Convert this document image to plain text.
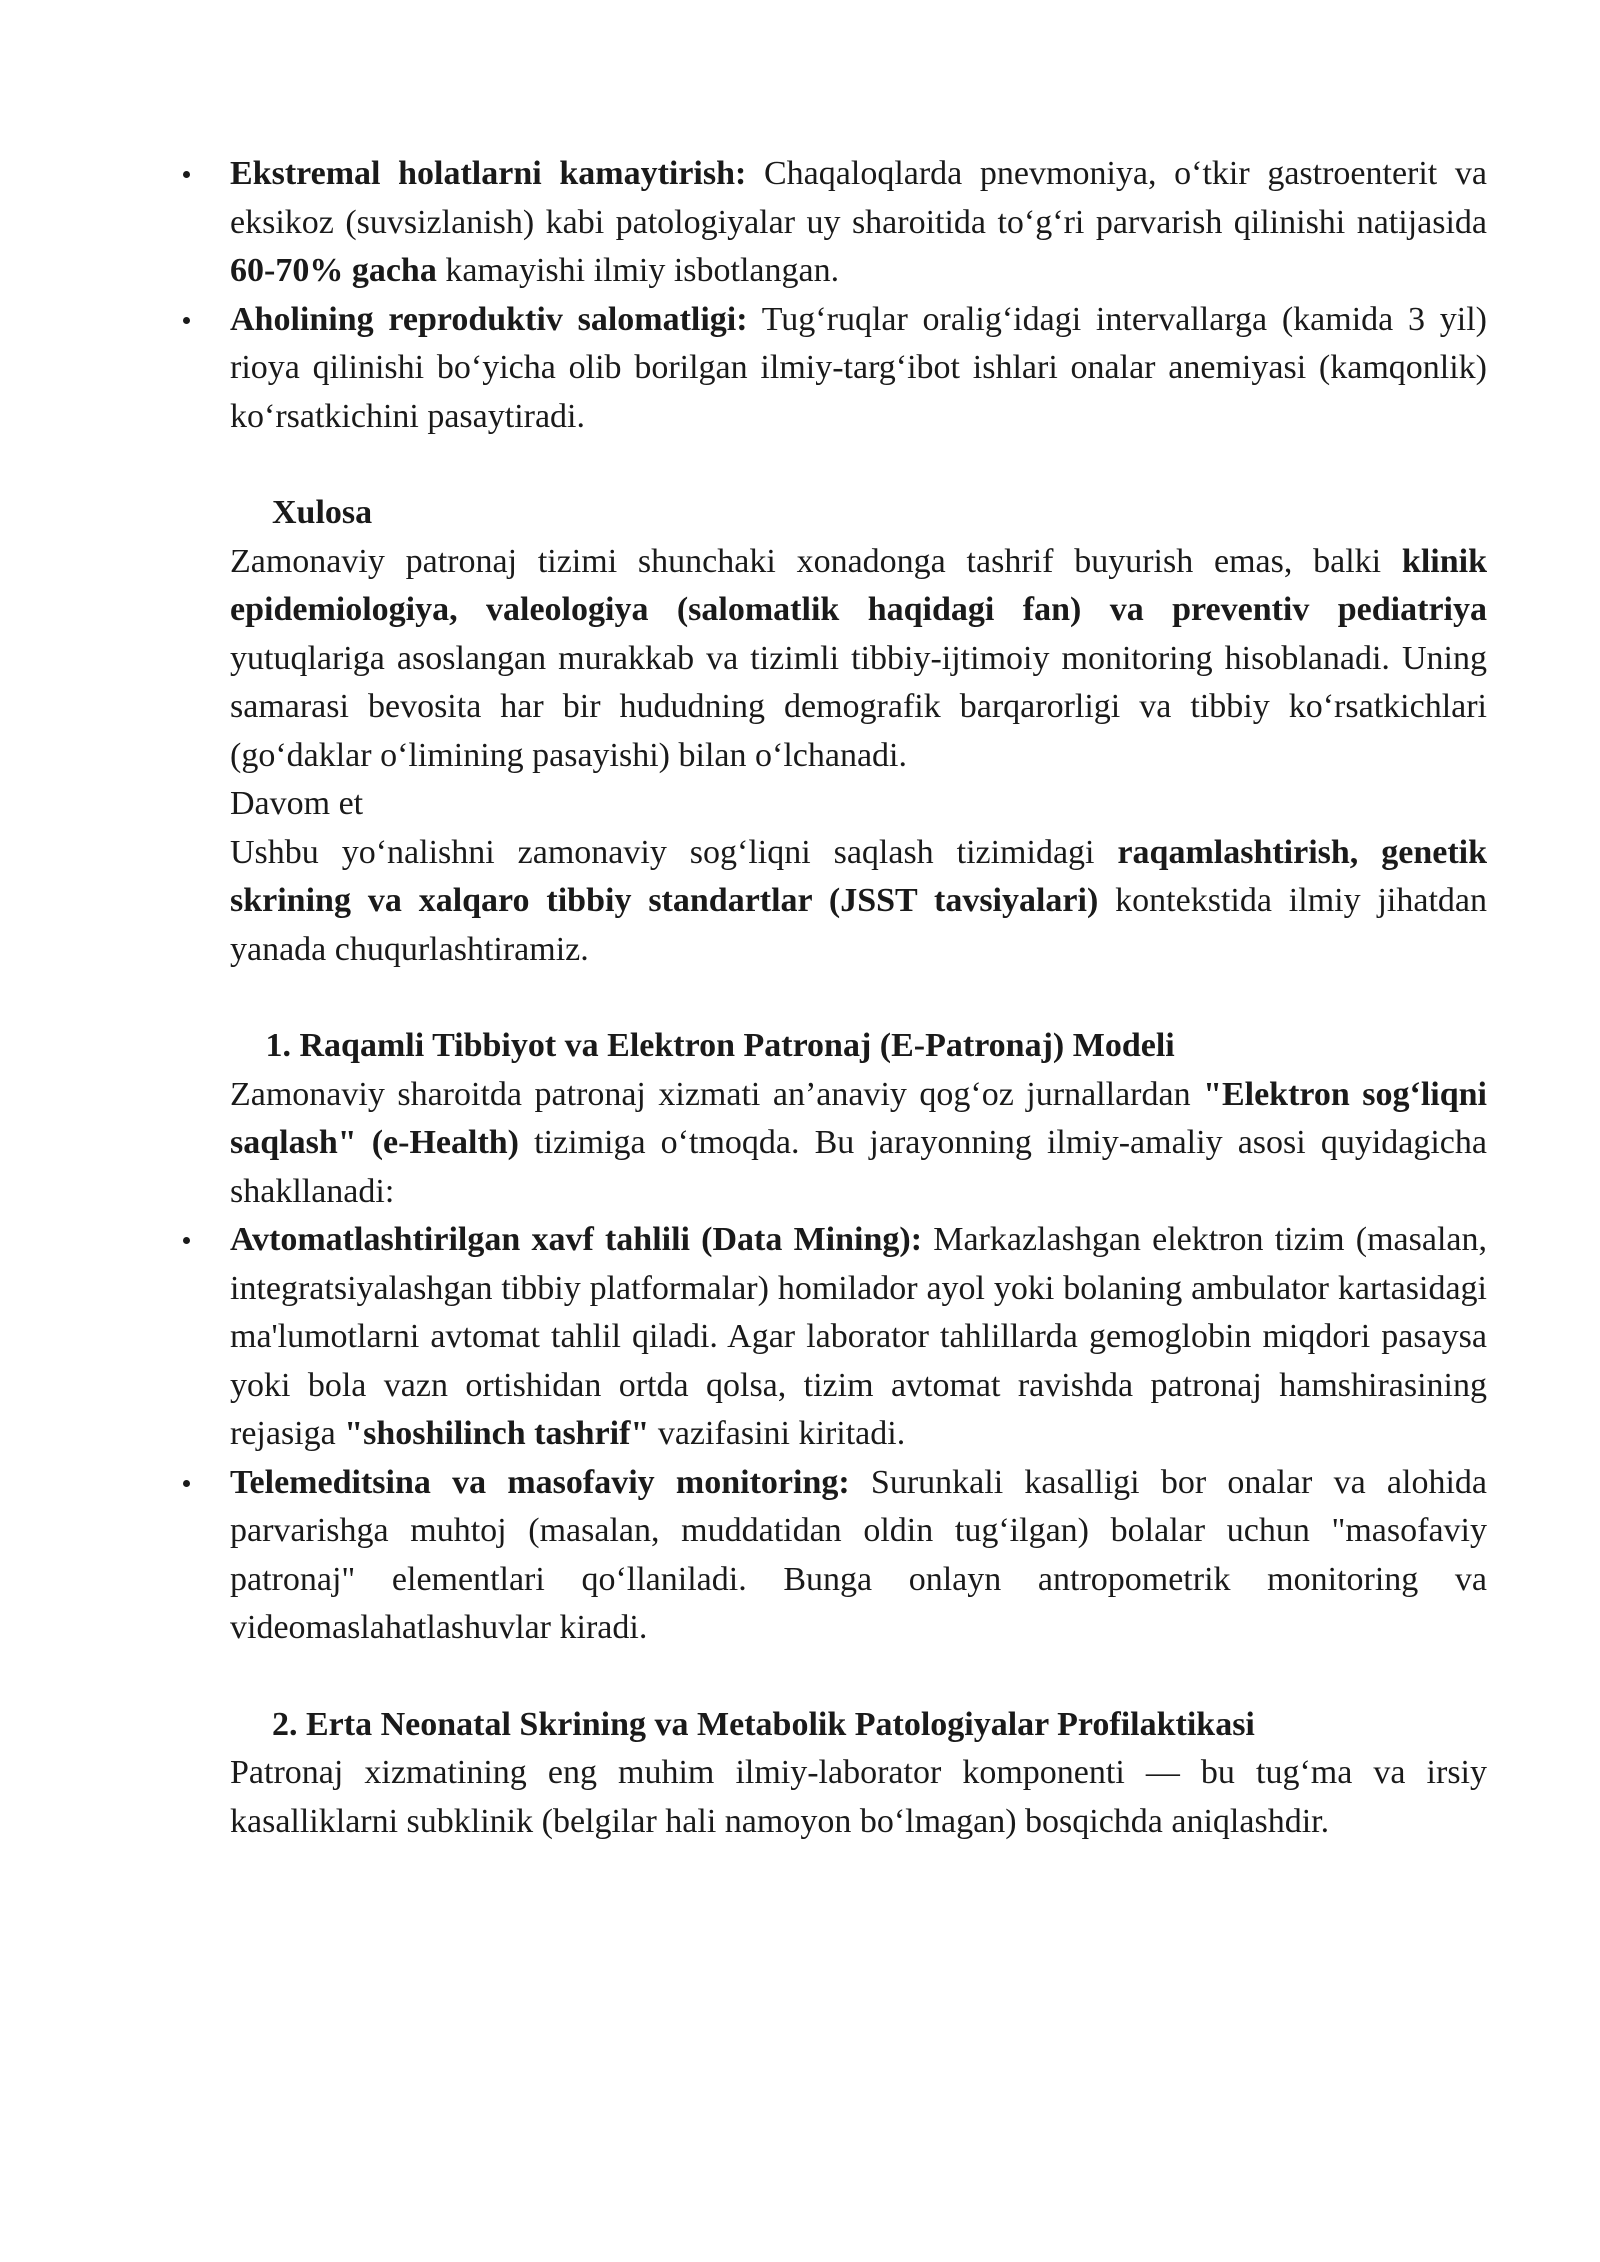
Ekstremal holatlarni kamaytirish: Chaqaloqlarda pnevmoniya, o‘tkir gastroenterit va eksikoz (suvsizlanish) kabi patologiyalar uy sharoitida to‘g‘ri parvarish qilinishi natijasida 60-70% gacha kamayishi ilmiy isbotlangan.
Aholining reproduktiv salomatligi: Tug‘ruqlar oralig‘idagi intervallarga (kamida 3 yil) rioya qilinishi bo‘yicha olib borilgan ilmiy-targ‘ibot ishlari onalar anemiyasi (kamqonlik) ko‘rsatkichini pasaytiradi.

Xulosa

Zamonaviy patronaj tizimi shunchaki xonadonga tashrif buyurish emas, balki klinik epidemiologiya, valeologiya (salomatlik haqidagi fan) va preventiv pediatriya yutuqlariga asoslangan murakkab va tizimli tibbiy-ijtimoiy monitoring hisoblanadi. Uning samarasi bevosita har bir hududning demografik barqarorligi va tibbiy ko‘rsatkichlari (go‘daklar o‘limining pasayishi) bilan o‘lchanadi.

Davom et

Ushbu yo‘nalishni zamonaviy sog‘liqni saqlash tizimidagi raqamlashtirish, genetik skrining va xalqaro tibbiy standartlar (JSST tavsiyalari) kontekstida ilmiy jihatdan yanada chuqurlashtiramiz.

1. Raqamli Tibbiyot va Elektron Patronaj (E-Patronaj) Modeli

Zamonaviy sharoitda patronaj xizmati an’anaviy qog‘oz jurnallardan "Elektron sog‘liqni saqlash" (e-Health) tizimiga o‘tmoqda. Bu jarayonning ilmiy-amaliy asosi quyidagicha shakllanadi:

Avtomatlashtirilgan xavf tahlili (Data Mining): Markazlashgan elektron tizim (masalan, integratsiyalashgan tibbiy platformalar) homilador ayol yoki bolaning ambulator kartasidagi ma'lumotlarni avtomat tahlil qiladi. Agar laborator tahlillarda gemoglobin miqdori pasaysa yoki bola vazn ortishidan ortda qolsa, tizim avtomat ravishda patronaj hamshirasining rejasiga "shoshilinch tashrif" vazifasini kiritadi.
Telemeditsina va masofaviy monitoring: Surunkali kasalligi bor onalar va alohida parvarishga muhtoj (masalan, muddatidan oldin tug‘ilgan) bolalar uchun "masofaviy patronaj" elementlari qo‘llaniladi. Bunga onlayn antropometrik monitoring va videomaslahatlashuvlar kiradi.

2. Erta Neonatal Skrining va Metabolik Patologiyalar Profilaktikasi

Patronaj xizmatining eng muhim ilmiy-laborator komponenti — bu tug‘ma va irsiy kasalliklarni subklinik (belgilar hali namoyon bo‘lmagan) bosqichda aniqlashdir.
